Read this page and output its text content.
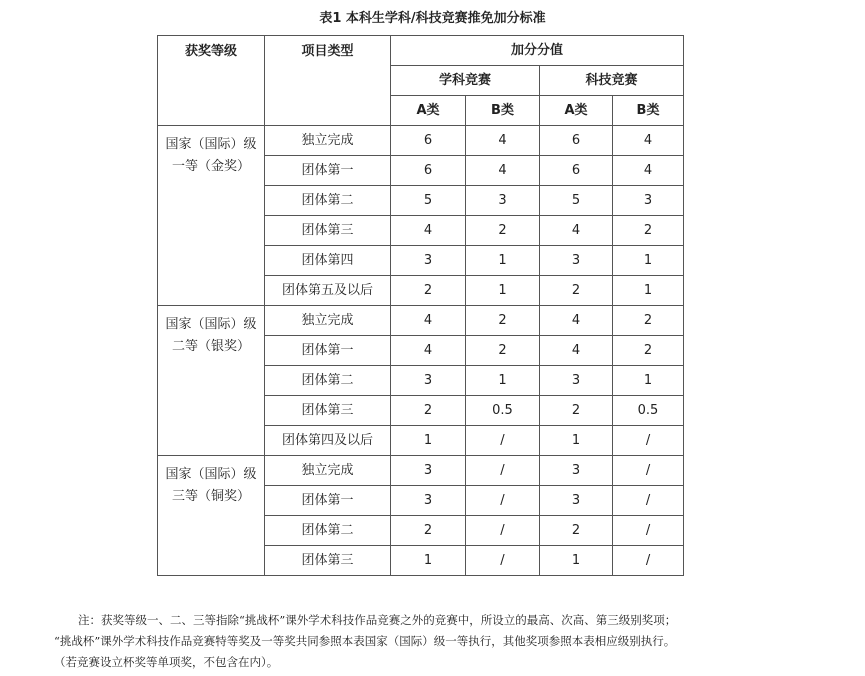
表1 本科生学科/科技竞赛推免加分标准
获奖等级	项目类型	加分分值			
		学科竞赛		科技竞赛	
		A类	B类	A类	B类

国家（国际）级
一等（金奖）	独立完成	6	4	6	4
	团体第一	6	4	6	4
	团体第二	5	3	5	3
	团体第三	4	2	4	2
	团体第四	3	1	3	1
	团体第五及以后	2	1	2	1

国家（国际）级
二等（银奖）	独立完成	4	2	4	2
	团体第一	4	2	4	2
	团体第二	3	1	3	1
	团体第三	2	0.5	2	0.5
	团体第四及以后	1	/	1	/

国家（国际）级
三等（铜奖）	独立完成	3	/	3	/
	团体第一	3	/	3	/
	团体第二	2	/	2	/
	团体第三	1	/	1	/

注：获奖等级一、二、三等指除“挑战杯”课外学术科技作品竞赛之外的竞赛中，所设立的最高、次高、第三级别奖项；

“挑战杯”课外学术科技作品竞赛特等奖及一等奖共同参照本表国家（国际）级一等执行，其他奖项参照本表相应级别执行。

（若竞赛设立杯奖等单项奖，不包含在内）。
